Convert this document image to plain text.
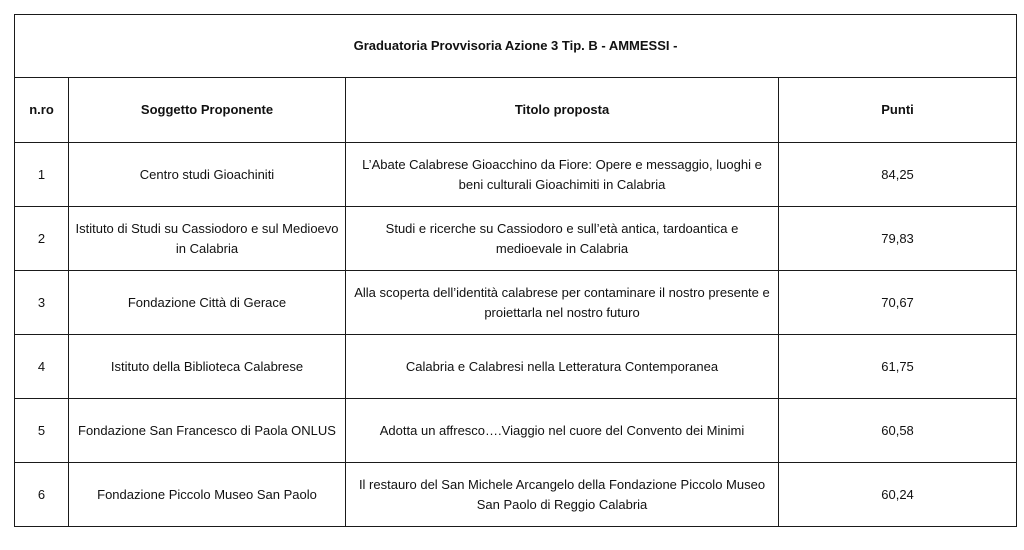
Graduatoria Provvisoria Azione 3 Tip. B - AMMESSI -			
n.ro	Soggetto Proponente	Titolo proposta	Punti
1	Centro studi Gioachiniti	L’Abate Calabrese Gioacchino da Fiore: Opere e messaggio, luoghi e beni culturali Gioachimiti in Calabria	84,25
2	Istituto di Studi su Cassiodoro e sul Medioevo in Calabria	Studi e ricerche su Cassiodoro e sull’età antica, tardoantica e medioevale in Calabria	79,83
3	Fondazione Città di Gerace	Alla scoperta dell’identità calabrese per contaminare il nostro presente e proiettarla nel nostro futuro	70,67
4	Istituto della Biblioteca Calabrese	Calabria e Calabresi nella Letteratura Contemporanea	61,75
5	Fondazione San Francesco di Paola ONLUS	Adotta un affresco….Viaggio nel cuore del Convento dei Minimi	60,58
6	Fondazione Piccolo Museo San Paolo	Il restauro del San Michele Arcangelo della Fondazione Piccolo Museo San Paolo di Reggio Calabria	60,24
